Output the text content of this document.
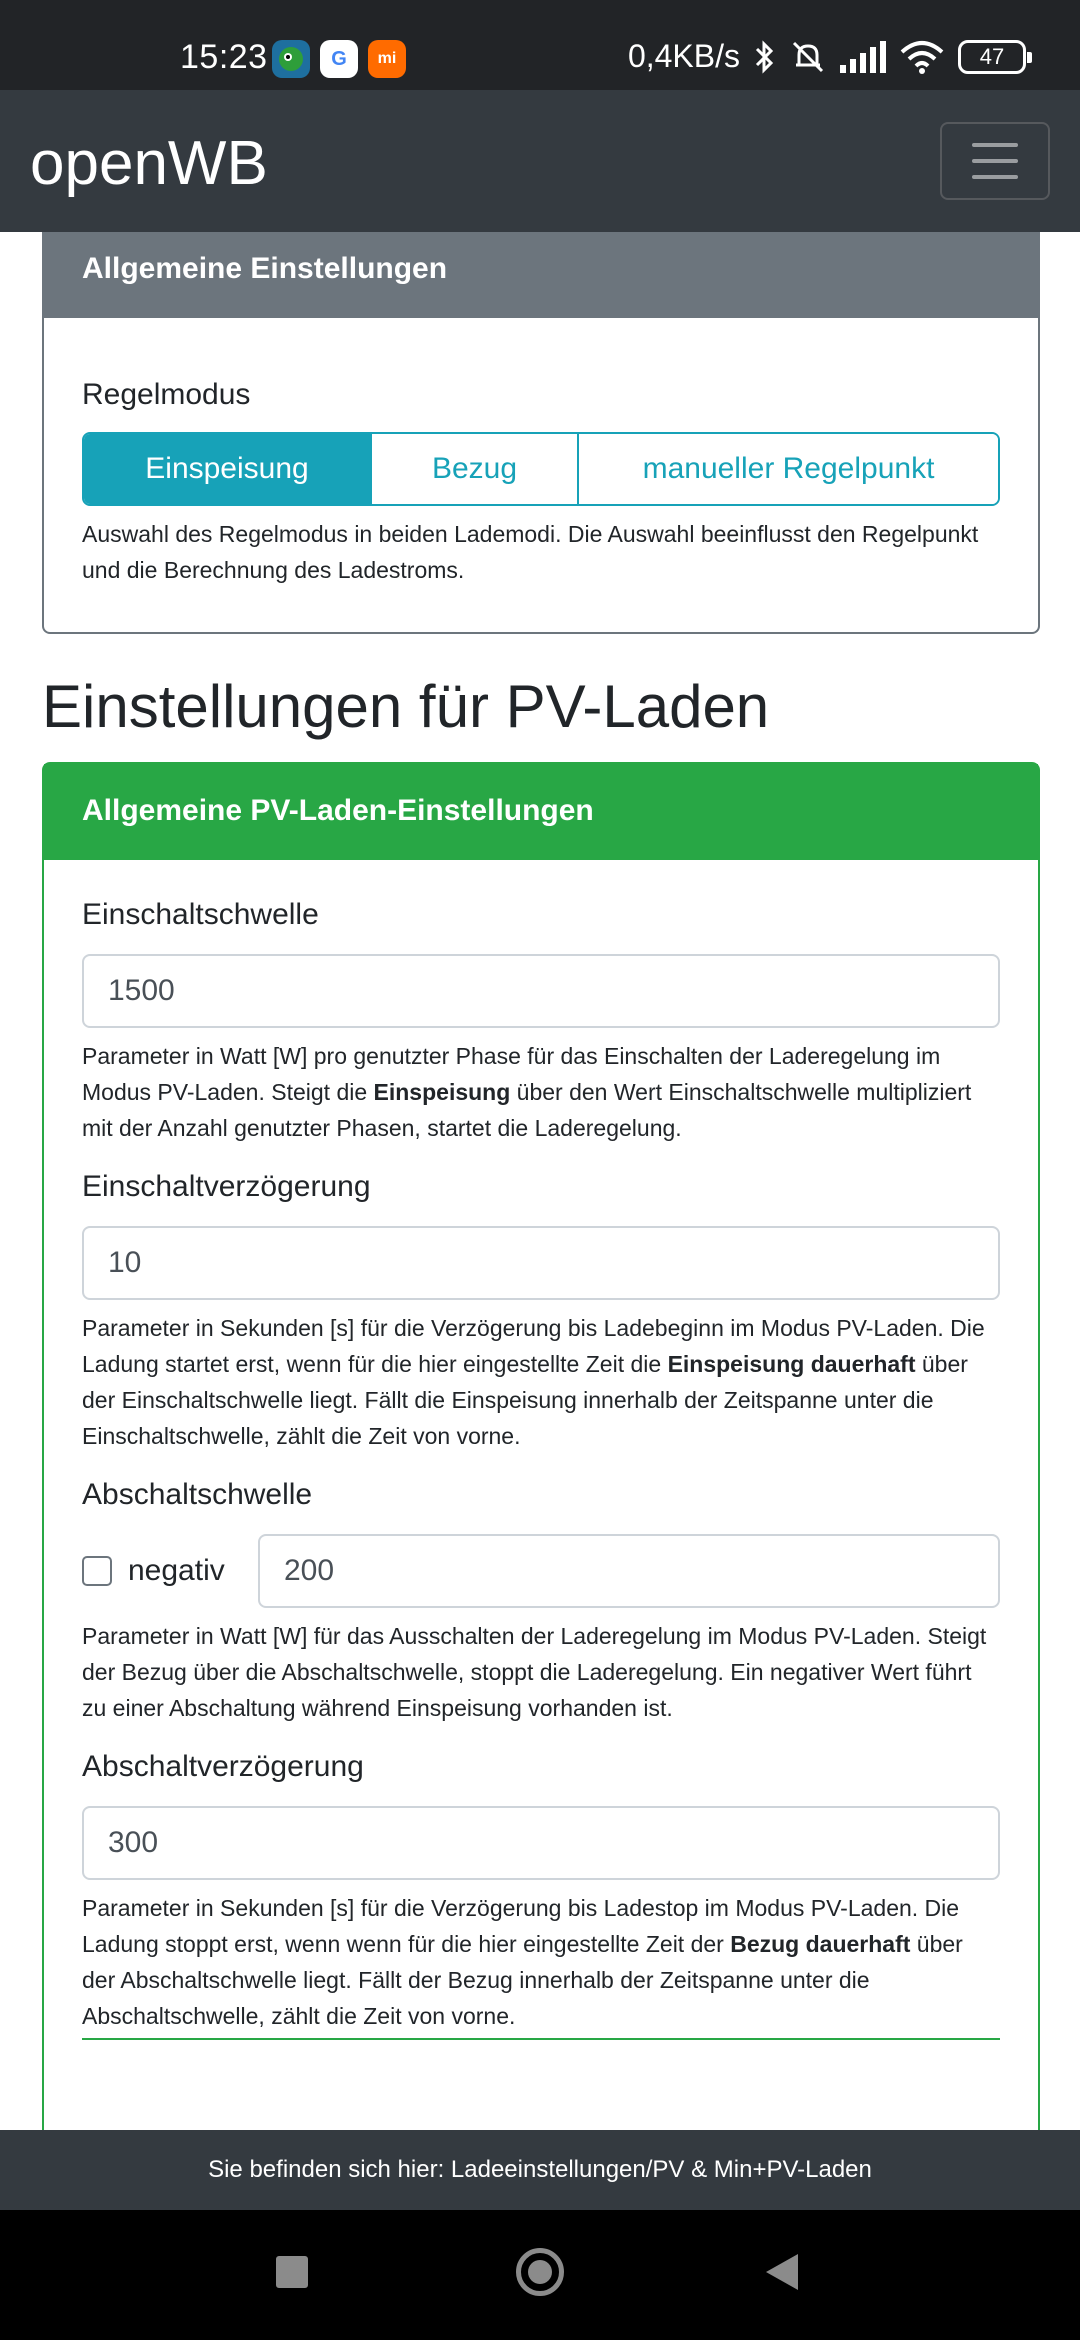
15:23	G	mi	0,4KB/s	47
openWB
Allgemeine Einstellungen
Regelmodus
Einspeisung	Bezug	manueller Regelpunkt
Auswahl des Regelmodus in beiden Lademodi. Die Auswahl beeinflusst den Regelpunkt und die Berechnung des Ladestroms.
Einstellungen für PV-Laden
Allgemeine PV-Laden-Einstellungen
Einschaltschwelle
1500
Parameter in Watt [W] pro genutzter Phase für das Einschalten der Laderegelung im Modus PV-Laden. Steigt die Einspeisung über den Wert Einschaltschwelle multipliziert mit der Anzahl genutzter Phasen, startet die Laderegelung.
Einschaltverzögerung
10
Parameter in Sekunden [s] für die Verzögerung bis Ladebeginn im Modus PV-Laden. Die Ladung startet erst, wenn für die hier eingestellte Zeit die Einspeisung dauerhaft über der Einschaltschwelle liegt. Fällt die Einspeisung innerhalb der Zeitspanne unter die Einschaltschwelle, zählt die Zeit von vorne.
Abschaltschwelle
negativ	200
Parameter in Watt [W] für das Ausschalten der Laderegelung im Modus PV-Laden. Steigt der Bezug über die Abschaltschwelle, stoppt die Laderegelung. Ein negativer Wert führt zu einer Abschaltung während Einspeisung vorhanden ist.
Abschaltverzögerung
300
Parameter in Sekunden [s] für die Verzögerung bis Ladestop im Modus PV-Laden. Die Ladung stoppt erst, wenn wenn für die hier eingestellte Zeit der Bezug dauerhaft über der Abschaltschwelle liegt. Fällt der Bezug innerhalb der Zeitspanne unter die Abschaltschwelle, zählt die Zeit von vorne.
Sie befinden sich hier: Ladeeinstellungen/PV & Min+PV-Laden
